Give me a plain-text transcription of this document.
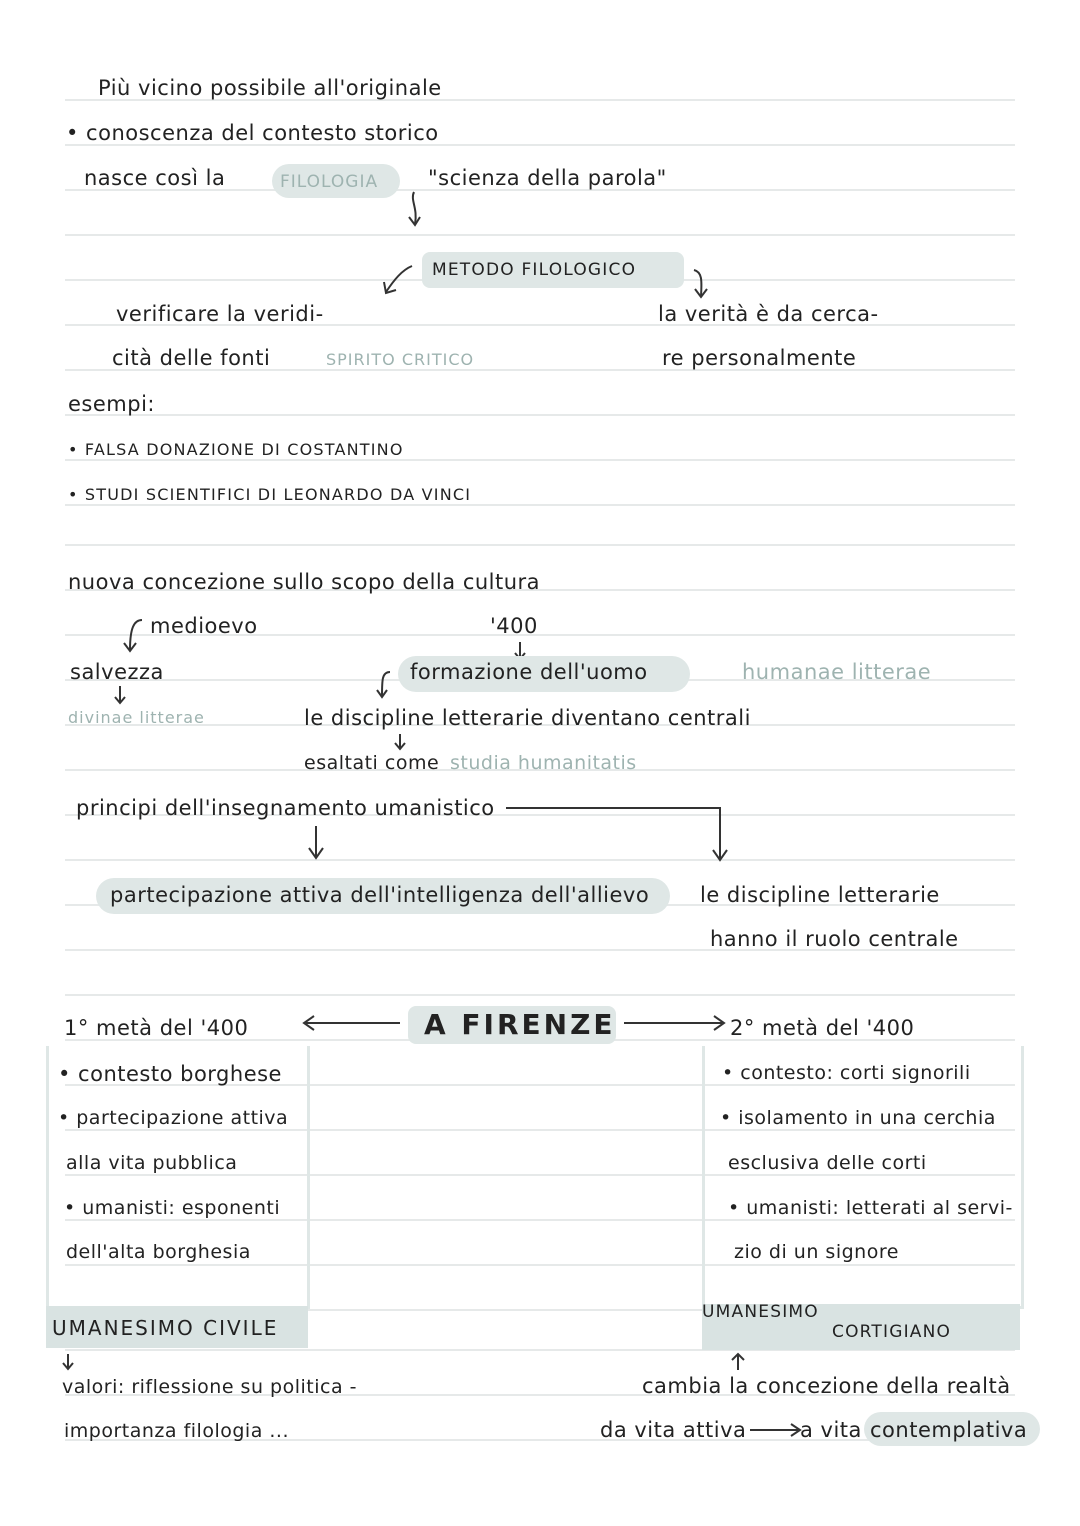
Più vicino possibile all'originale
• conoscenza del contesto storico
nasce così la	FILOLOGIA "scienza della parola"
METODO FILOLOGICO
verificare la veridi-
cità delle fonti	SPIRITO CRITICO
la verità è da cerca-
re personalmente
esempi:
• FALSA DONAZIONE DI COSTANTINO
• STUDI SCIENTIFICI DI LEONARDO DA VINCI
nuova concezione sullo scopo della cultura
medioevo	'400
salvezza
divinae litterae
formazione dell'uomo	humanae litterae
le discipline letterarie diventano centrali
esaltati come studia humanitatis
principi dell'insegnamento umanistico
partecipazione attiva dell'intelligenza dell'allievo le discipline letterarie
hanno il ruolo centrale
A FIRENZE
1° metà del '400	2° metà del '400
• contesto borghese
• partecipazione attiva
alla vita pubblica
• umanisti: esponenti
dell'alta borghesia
UMANESIMO CIVILE
• contesto: corti signorili
• isolamento in una cerchia
esclusiva delle corti
• umanisti: letterati al servi-
zio di un signore
UMANESIMO
CORTIGIANO
valori: riflessione su politica -
importanza filologia ...
cambia la concezione della realtà
da vita attiva	a vita contemplativa
